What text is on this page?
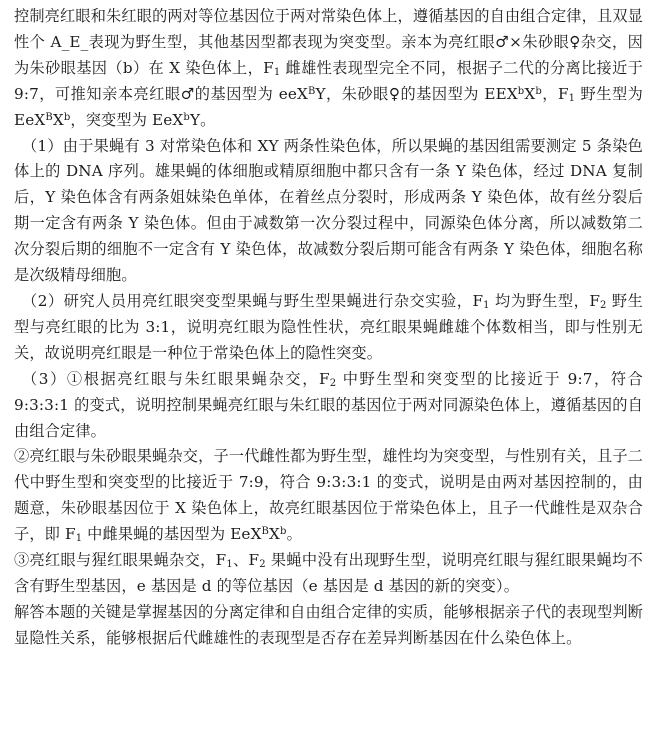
控制亮红眼和朱红眼的两对等位基因位于两对常染色体上，遵循基因的自由组合定律，且双显性个 A_E_表现为野生型，其他基因型都表现为突变型。亲本为亮红眼♂×朱砂眼♀杂交，因为朱砂眼基因（b）在 X 染色体上，$F_1$ 雌雄性表现型完全不同，根据子二代的分离比接近于 9:7，可推知亲本亮红眼♂的基因型为 eeX$^B$Y，朱砂眼♀的基因型为 $EEX^bX^b$，$F_1$ 野生型为 $EeX^BX^b$，突变型为 EeX$^b$Y。

（1）由于果蝇有 3 对常染色体和 XY 两条性染色体，所以果蝇的基因组需要测定 5 条染色体上的 DNA 序列。雄果蝇的体细胞或精原细胞中都只含有一条 Y 染色体，经过 DNA 复制后，Y 染色体含有两条姐妹染色单体，在着丝点分裂时，形成两条 Y 染色体，故有丝分裂后期一定含有两条 Y 染色体。但由于减数第一次分裂过程中，同源染色体分离，所以减数第二次分裂后期的细胞不一定含有 Y 染色体，故减数分裂后期可能含有两条 Y 染色体，细胞名称是次级精母细胞。

（2）研究人员用亮红眼突变型果蝇与野生型果蝇进行杂交实验，$F_1$ 均为野生型，$F_2$ 野生型与亮红眼的比为 3:1，说明亮红眼为隐性性状，亮红眼果蝇雌雄个体数相当，即与性别无关，故说明亮红眼是一种位于常染色体上的隐性突变。

（3）①根据亮红眼与朱红眼果蝇杂交，$F_2$ 中野生型和突变型的比接近于 9:7，符合 9:3:3:1 的变式，说明控制果蝇亮红眼与朱红眼的基因位于两对同源染色体上，遵循基因的自由组合定律。

②亮红眼与朱砂眼果蝇杂交，子一代雌性都为野生型，雄性均为突变型，与性别有关，且子二代中野生型和突变型的比接近于 7:9，符合 9:3:3:1 的变式，说明是由两对基因控制的，由题意，朱砂眼基因位于 X 染色体上，故亮红眼基因位于常染色体上，且子一代雌性是双杂合子，即 $F_1$ 中雌果蝇的基因型为 $EeX^BX^b$。

③亮红眼与猩红眼果蝇杂交，$F_1$、$F_2$ 果蝇中没有出现野生型，说明亮红眼与猩红眼果蝇均不含有野生型基因，e 基因是 d 的等位基因（e 基因是 d 基因的新的突变）。

解答本题的关键是掌握基因的分离定律和自由组合定律的实质，能够根据亲子代的表现型判断显隐性关系，能够根据后代雌雄性的表现型是否存在差异判断基因在什么染色体上。
